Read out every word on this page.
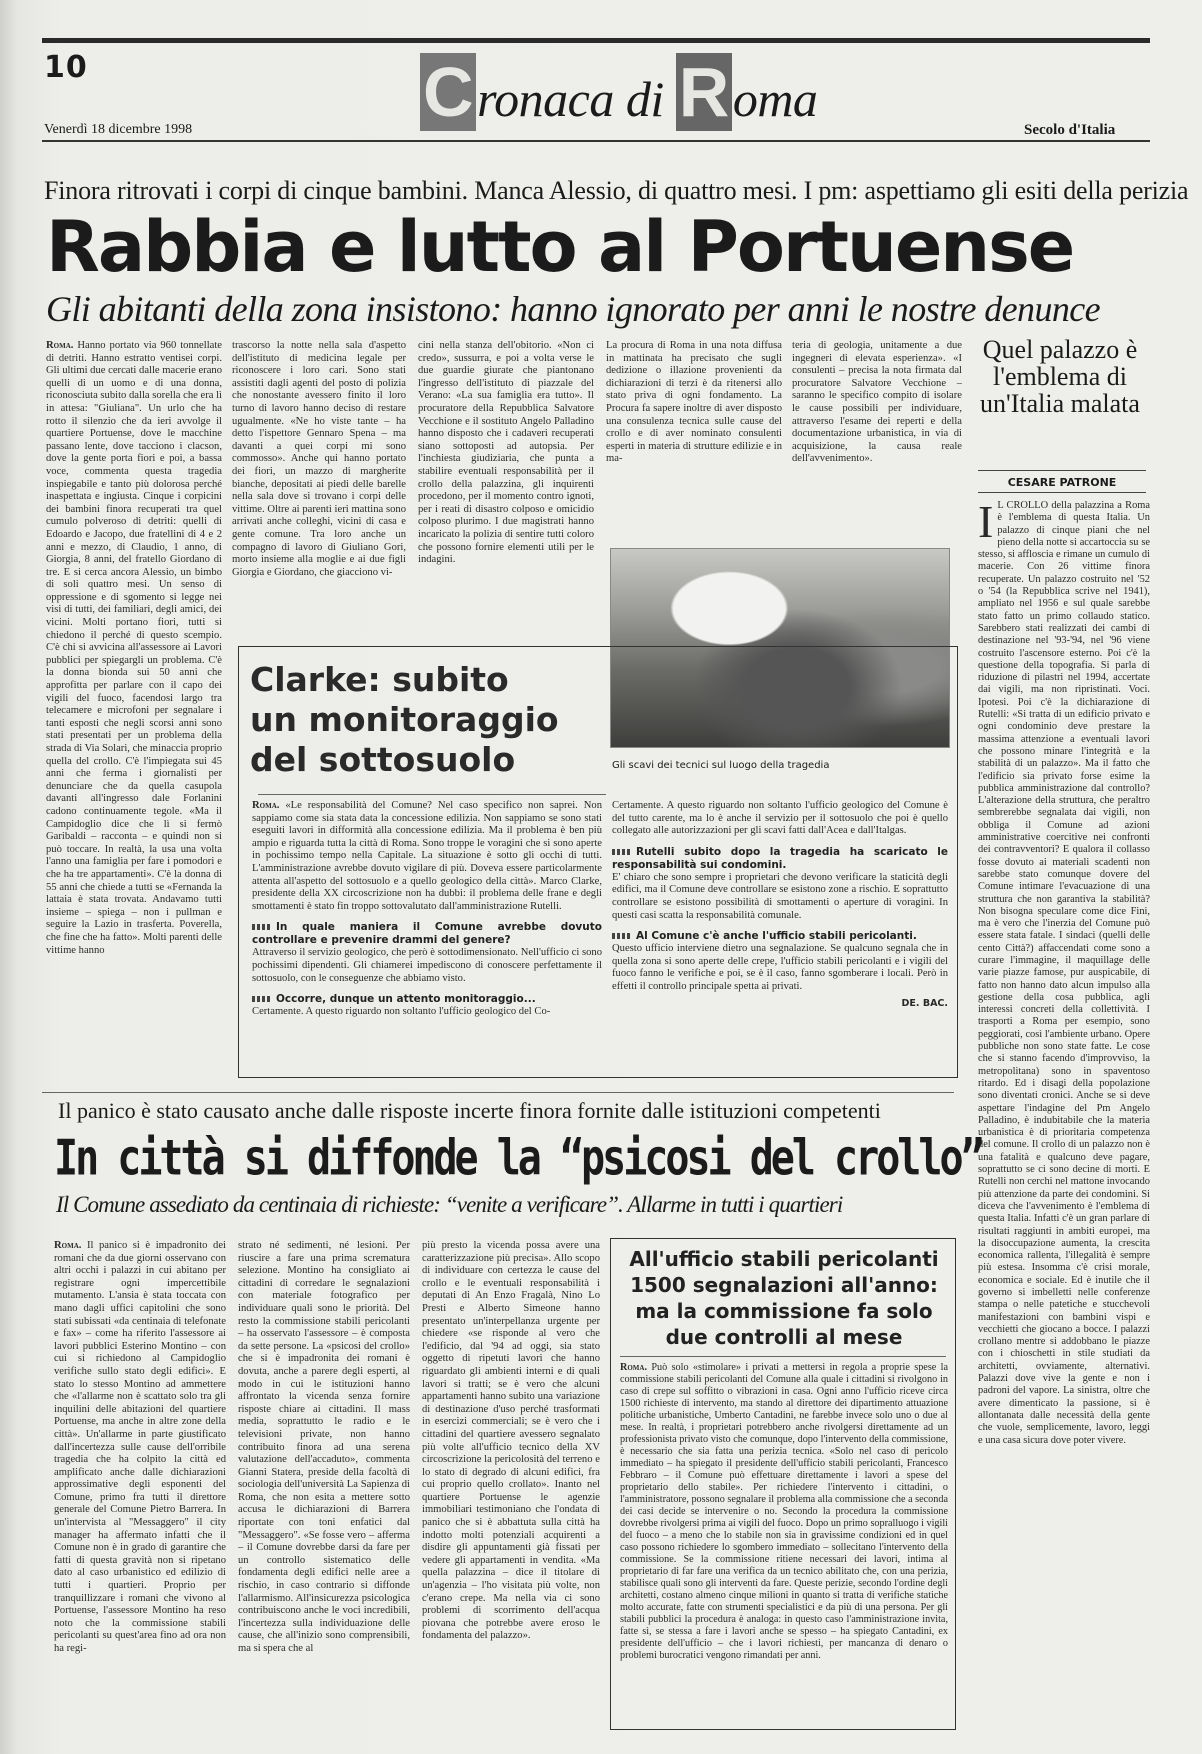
10	Cronaca di Roma
Venerdì 18 dicembre 1998	Secolo d'Italia
Finora ritrovati i corpi di cinque bambini. Manca Alessio, di quattro mesi. I pm: aspettiamo gli esiti della perizia
Rabbia e lutto al Portuense
Gli abitanti della zona insistono: hanno ignorato per anni le nostre denunce
Roma. Hanno portato via 960 tonnellate di detriti. Hanno estratto ventisei corpi. Gli ultimi due cercati dalle macerie erano quelli di un uomo e di una donna, riconosciuta subito dalla sorella che era lì in attesa: "Giuliana". Un urlo che ha rotto il silenzio che da ieri avvolge il quartiere Portuense, dove le macchine passano lente, dove tacciono i clacson, dove la gente porta fiori e poi, a bassa voce, commenta questa tragedia inspiegabile e tanto più dolorosa perché inaspettata e ingiusta. Cinque i corpicini dei bambini finora recuperati tra quel cumulo polveroso di detriti: quelli di Edoardo e Jacopo, due fratellini di 4 e 2 anni e mezzo, di Claudio, 1 anno, di Giorgia, 8 anni, del fratello Giordano di tre. E si cerca ancora Alessio, un bimbo di soli quattro mesi. Un senso di oppressione e di sgomento si legge nei visi di tutti, dei familiari, degli amici, dei vicini. Molti portano fiori, tutti si chiedono il perché di questo scempio. C'è chi si avvicina all'assessore ai Lavori pubblici per spiegargli un problema. C'è la donna bionda sui 50 anni che approfitta per parlare con il capo dei vigili del fuoco, facendosi largo tra telecamere e microfoni per segnalare i tanti esposti che negli scorsi anni sono stati presentati per un problema della strada di Via Solari, che minaccia proprio quella del crollo. C'è l'impiegata sui 45 anni che ferma i giornalisti per denunciare che da quella casupola davanti all'ingresso dale Forlanini cadono continuamente tegole. «Ma il Campidoglio dice che lì si fermò Garibaldi – racconta – e quindi non si può toccare. In realtà, la usa una volta l'anno una famiglia per fare i pomodori e che ha tre appartamenti». C'è la donna di 55 anni che chiede a tutti se «Fernanda la lattaia è stata trovata. Andavamo tutti insieme – spiega – non i pullman e seguire la Lazio in trasferta. Poverella, che fine che ha fatto». Molti parenti delle vittime hanno
trascorso la notte nella sala d'aspetto dell'istituto di medicina legale per riconoscere i loro cari. Sono stati assistiti dagli agenti del posto di polizia che nonostante avessero finito il loro turno di lavoro hanno deciso di restare ugualmente. «Ne ho viste tante – ha detto l'ispettore Gennaro Spena – ma davanti a quei corpi mi sono commosso». Anche qui hanno portato dei fiori, un mazzo di margherite bianche, depositati ai piedi delle barelle nella sala dove si trovano i corpi delle vittime. Oltre ai parenti ieri mattina sono arrivati anche colleghi, vicini di casa e gente comune. Tra loro anche un compagno di lavoro di Giuliano Gori, morto insieme alla moglie e ai due figli Giorgia e Giordano, che giacciono vi-
cini nella stanza dell'obitorio. «Non ci credo», sussurra, e poi a volta verse le due guardie giurate che piantonano l'ingresso dell'istituto di piazzale del Verano: «La sua famiglia era tutto». Il procuratore della Repubblica Salvatore Vecchione e il sostituto Angelo Palladino hanno disposto che i cadaveri recuperati siano sottoposti ad autopsia. Per l'inchiesta giudiziaria, che punta a stabilire eventuali responsabilità per il crollo della palazzina, gli inquirenti procedono, per il momento contro ignoti, per i reati di disastro colposo e omicidio colposo plurimo. I due magistrati hanno incaricato la polizia di sentire tutti coloro che possono fornire elementi utili per le indagini.
La procura di Roma in una nota diffusa in mattinata ha precisato che sugli dedizione o illazione provenienti da dichiarazioni di terzi è da ritenersi allo stato priva di ogni fondamento. La Procura fa sapere inoltre di aver disposto una consulenza tecnica sulle cause del crollo e di aver nominato consulenti esperti in materia di strutture edilizie e in ma-
teria di geologia, unitamente a due ingegneri di elevata esperienza». «I consulenti – precisa la nota firmata dal procuratore Salvatore Vecchione – saranno le specifico compito di isolare le cause possibili per individuare, attraverso l'esame dei reperti e della documentazione urbanistica, in via di acquisizione, la causa reale dell'avvenimento».
Gli scavi dei tecnici sul luogo della tragedia
Quel palazzo è l'emblema di un'Italia malata
CESARE PATRONE
I L CROLLO della palazzina a Roma è l'emblema di questa Italia. Un palazzo di cinque piani che nel pieno della notte si accartoccia su se stesso, si affloscia e rimane un cumulo di macerie. Con 26 vittime finora recuperate. Un palazzo costruito nel '52 o '54 (la Repubblica scrive nel 1941), ampliato nel 1956 e sul quale sarebbe stato fatto un primo collaudo statico. Sarebbero stati realizzati dei cambi di destinazione nel '93-'94, nel '96 viene costruito l'ascensore esterno. Poi c'è la questione della topografia. Si parla di riduzione di pilastri nel 1994, accertate dai vigili, ma non ripristinati. Voci. Ipotesi. Poi c'è la dichiarazione di Rutelli: «Si tratta di un edificio privato e ogni condominio deve prestare la massima attenzione a eventuali lavori che possono minare l'integrità e la stabilità di un palazzo». Ma il fatto che l'edificio sia privato forse esime la pubblica amministrazione dal controllo? L'alterazione della struttura, che peraltro sembrerebbe segnalata dai vigili, non obbliga il Comune ad azioni amministrative coercitive nei confronti dei contravventori? E qualora il collasso fosse dovuto ai materiali scadenti non sarebbe stato comunque dovere del Comune intimare l'evacuazione di una struttura che non garantiva la stabilità? Non bisogna speculare come dice Fini, ma è vero che l'inerzia del Comune può essere stata fatale. I sindaci (quelli delle cento Città?) affaccendati come sono a curare l'immagine, il maquillage delle varie piazze famose, pur auspicabile, di fatto non hanno dato alcun impulso alla gestione della cosa pubblica, agli interessi concreti della collettività. I trasporti a Roma per esempio, sono peggiorati, così l'ambiente urbano. Opere pubbliche non sono state fatte. Le cose che si stanno facendo d'improvviso, la metropolitana) sono in spaventoso ritardo. Ed i disagi della popolazione sono diventati cronici. Anche se si deve aspettare l'indagine del Pm Angelo Palladino, è indubitabile che la materia urbanistica è di prioritaria competenza del comune. Il crollo di un palazzo non è una fatalità e qualcuno deve pagare, soprattutto se ci sono decine di morti. E Rutelli non cerchi nel mattone invocando più attenzione da parte dei condomini. Si diceva che l'avvenimento è l'emblema di questa Italia. Infatti c'è un gran parlare di risultati raggiunti in ambiti europei, ma la disoccupazione aumenta, la crescita economica rallenta, l'illegalità è sempre più estesa. Insomma c'è crisi morale, economica e sociale. Ed è inutile che il governo si imbelletti nelle conferenze stampa o nelle patetiche e stucchevoli manifestazioni con bambini vispi e vecchietti che giocano a bocce. I palazzi crollano mentre si addobbano le piazze con i chioschetti in stile studiati da architetti, ovviamente, alternativi. Palazzi dove vive la gente e non i padroni del vapore. La sinistra, oltre che avere dimenticato la passione, si è allontanata dalle necessità della gente che vuole, semplicemente, lavoro, leggi e una casa sicura dove poter vivere.
Clarke: subito
un monitoraggio
del sottosuolo
Roma. «Le responsabilità del Comune? Nel caso specifico non saprei. Non sappiamo come sia stata data la concessione edilizia. Non sappiamo se sono stati eseguiti lavori in difformità alla concessione edilizia. Ma il problema è ben più ampio e riguarda tutta la città di Roma. Sono troppe le voragini che si sono aperte in pochissimo tempo nella Capitale. La situazione è sotto gli occhi di tutti. L'amministrazione avrebbe dovuto vigilare di più. Doveva essere particolarmente attenta all'aspetto del sottosuolo e a quello geologico della città». Marco Clarke, presidente della XX circoscrizione non ha dubbi: il problema delle frane e degli smottamenti è stato fin troppo sottovalutato dall'amministrazione Rutelli.
In quale maniera il Comune avrebbe dovuto controllare e prevenire drammi del genere?
Attraverso il servizio geologico, che però è sottodimensionato. Nell'ufficio ci sono pochissimi dipendenti. Gli chiamerei impediscono di conoscere perfettamente il sottosuolo, con le conseguenze che abbiamo visto.
Occorre, dunque un attento monitoraggio...
Certamente. A questo riguardo non soltanto l'ufficio geologico del Co-
Certamente. A questo riguardo non soltanto l'ufficio geologico del Comune è del tutto carente, ma lo è anche il servizio per il sottosuolo che poi è quello collegato alle autorizzazioni per gli scavi fatti dall'Acea e dall'Italgas.
Rutelli subito dopo la tragedia ha scaricato le responsabilità sui condomini.
E' chiaro che sono sempre i proprietari che devono verificare la staticità degli edifici, ma il Comune deve controllare se esistono zone a rischio. E soprattutto controllare se esistono possibilità di smottamenti o aperture di voragini. In questi casi scatta la responsabilità comunale.
Al Comune c'è anche l'ufficio stabili pericolanti.
Questo ufficio interviene dietro una segnalazione. Se qualcuno segnala che in quella zona si sono aperte delle crepe, l'ufficio stabili pericolanti e i vigili del fuoco fanno le verifiche e poi, se è il caso, fanno sgomberare i locali. Però in effetti il controllo principale spetta ai privati.
DE. BAC.
Il panico è stato causato anche dalle risposte incerte finora fornite dalle istituzioni competenti
In città si diffonde la “psicosi del crollo”
Il Comune assediato da centinaia di richieste: “venite a verificare”. Allarme in tutti i quartieri
Roma. Il panico si è impadronito dei romani che da due giorni osservano con altri occhi i palazzi in cui abitano per registrare ogni impercettibile mutamento. L'ansia è stata toccata con mano dagli uffici capitolini che sono stati subissati «da centinaia di telefonate e fax» – come ha riferito l'assessore ai lavori pubblici Esterino Montino – con cui si richiedono al Campidoglio verifiche sullo stato degli edifici». E stato lo stesso Montino ad ammettere che «l'allarme non è scattato solo tra gli inquilini delle abitazioni del quartiere Portuense, ma anche in altre zone della città». Un'allarme in parte giustificato dall'incertezza sulle cause dell'orribile tragedia che ha colpito la città ed amplificato anche dalle dichiarazioni approssimative degli esponenti del Comune, primo fra tutti il direttore generale del Comune Pietro Barrera. In un'intervista al "Messaggero" il city manager ha affermato infatti che il Comune non è in grado di garantire che fatti di questa gravità non si ripetano dato al caso urbanistico ed edilizio di tutti i quartieri. Proprio per tranquillizzare i romani che vivono al Portuense, l'assessore Montino ha reso noto che la commissione stabili pericolanti su quest'area fino ad ora non ha regi-
strato né sedimenti, né lesioni. Per riuscire a fare una prima scrematura selezione. Montino ha consigliato ai cittadini di corredare le segnalazioni con materiale fotografico per individuare quali sono le priorità. Del resto la commissione stabili pericolanti – ha osservato l'assessore – è composta da sette persone. La «psicosi del crollo» che si è impadronita dei romani è dovuta, anche a parere degli esperti, al modo in cui le istituzioni hanno affrontato la vicenda senza fornire risposte chiare ai cittadini. Il mass media, soprattutto le radio e le televisioni private, non hanno contribuito finora ad una serena valutazione dell'accaduto», commenta Gianni Statera, preside della facoltà di sociologia dell'università La Sapienza di Roma, che non esita a mettere sotto accusa le dichiarazioni di Barrera riportate con toni enfatici dal "Messaggero". «Se fosse vero – afferma – il Comune dovrebbe darsi da fare per un controllo sistematico delle fondamenta degli edifici nelle aree a rischio, in caso contrario si diffonde l'allarmismo. All'insicurezza psicologica contribuiscono anche le voci incredibili, l'incertezza sulla individuazione delle cause, che all'inizio sono comprensibili, ma si spera che al
più presto la vicenda possa avere una caratterizzazione più precisa». Allo scopo di individuare con certezza le cause del crollo e le eventuali responsabilità i deputati di An Enzo Fragalà, Nino Lo Presti e Alberto Simeone hanno presentato un'interpellanza urgente per chiedere «se risponde al vero che l'edificio, dal '94 ad oggi, sia stato oggetto di ripetuti lavori che hanno riguardato gli ambienti interni e di quali lavori si tratti; se è vero che alcuni appartamenti hanno subito una variazione di destinazione d'uso perché trasformati in esercizi commerciali; se è vero che i cittadini del quartiere avessero segnalato più volte all'ufficio tecnico della XV circoscrizione la pericolosità del terreno e lo stato di degrado di alcuni edifici, fra cui proprio quello crollato». Inanto nel quartiere Portuense le agenzie immobiliari testimoniano che l'ondata di panico che si è abbattuta sulla città ha indotto molti potenziali acquirenti a disdire gli appuntamenti già fissati per vedere gli appartamenti in vendita. «Ma quella palazzina – dice il titolare di un'agenzia – l'ho visitata più volte, non c'erano crepe. Ma nella via ci sono problemi di scorrimento dell'acqua piovana che potrebbe avere eroso le fondamenta del palazzo».
All'ufficio stabili pericolanti 1500 segnalazioni all'anno: ma la commissione fa solo due controlli al mese
Roma. Può solo «stimolare» i privati a mettersi in regola a proprie spese la commissione stabili pericolanti del Comune alla quale i cittadini si rivolgono in caso di crepe sul soffitto o vibrazioni in casa. Ogni anno l'ufficio riceve circa 1500 richieste di intervento, ma stando al direttore dei dipartimento attuazione politiche urbanistiche, Umberto Cantadini, ne farebbe invece solo uno o due al mese. In realtà, i proprietari potrebbero anche rivolgersi direttamente ad un professionista privato visto che comunque, dopo l'intervento della commissione, è necessario che sia fatta una perizia tecnica. «Solo nel caso di pericolo immediato – ha spiegato il presidente dell'ufficio stabili pericolanti, Francesco Febbraro – il Comune può effettuare direttamente i lavori a spese del proprietario dello stabile». Per richiedere l'intervento i cittadini, o l'amministratore, possono segnalare il problema alla commissione che a seconda dei casi decide se intervenire o no. Secondo la procedura la commissione dovrebbe rivolgersi prima ai vigili del fuoco. Dopo un primo sopralluogo i vigili del fuoco – a meno che lo stabile non sia in gravissime condizioni ed in quel caso possono richiedere lo sgombero immediato – sollecitano l'intervento della commissione. Se la commissione ritiene necessari dei lavori, intima al proprietario di far fare una verifica da un tecnico abilitato che, con una perizia, stabilisce quali sono gli interventi da fare. Queste perizie, secondo l'ordine degli architetti, costano almeno cinque milioni in quanto si tratta di verifiche statiche molto accurate, fatte con strumenti specialistici e da più di una persona. Per gli stabili pubblici la procedura è analoga: in questo caso l'amministrazione invita, fatte sì, se stessa a fare i lavori anche se spesso – ha spiegato Cantadini, ex presidente dell'ufficio – che i lavori richiesti, per mancanza di denaro o problemi burocratici vengono rimandati per anni.
